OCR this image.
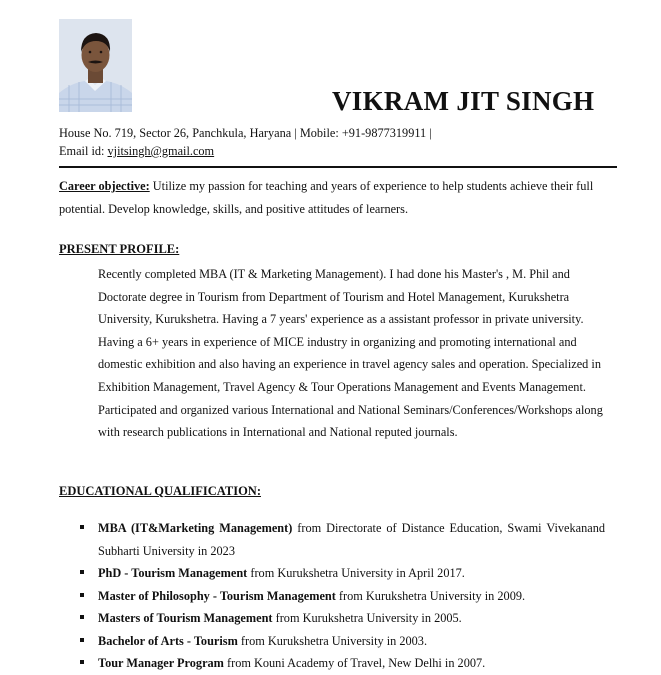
VIKRAM JIT SINGH
House No. 719, Sector 26, Panchkula, Haryana | Mobile: +91-9877319911 |
Email id: vjitsingh@gmail.com
Career objective: Utilize my passion for teaching and years of experience to help students achieve their full potential. Develop knowledge, skills, and positive attitudes of learners.
PRESENT PROFILE:
Recently completed MBA (IT & Marketing Management). I had done his Master's , M. Phil and Doctorate degree in Tourism from Department of Tourism and Hotel Management, Kurukshetra University, Kurukshetra. Having a 7 years' experience as a assistant professor in private university. Having a 6+ years in experience of MICE industry in organizing and promoting international and domestic exhibition and also having an experience in travel agency sales and operation. Specialized in Exhibition Management, Travel Agency & Tour Operations Management and Events Management. Participated and organized various International and National Seminars/Conferences/Workshops along with research publications in International and National reputed journals.
EDUCATIONAL QUALIFICATION:
MBA (IT&Marketing Management) from Directorate of Distance Education, Swami Vivekanand Subharti University in 2023
PhD - Tourism Management from Kurukshetra University in April 2017.
Master of Philosophy - Tourism Management from Kurukshetra University in 2009.
Masters of Tourism Management from Kurukshetra University in 2005.
Bachelor of Arts - Tourism from Kurukshetra University in 2003.
Tour Manager Program from Kouni Academy of Travel, New Delhi in 2007.
